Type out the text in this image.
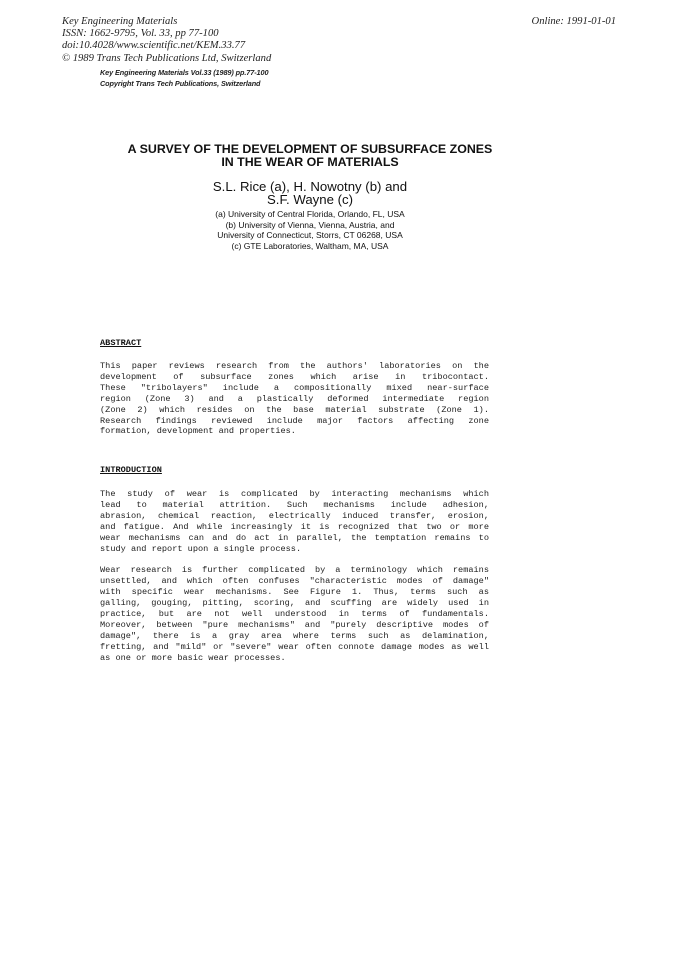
Key Engineering Materials
ISSN: 1662-9795, Vol. 33, pp 77-100
doi:10.4028/www.scientific.net/KEM.33.77
© 1989 Trans Tech Publications Ltd, Switzerland
Online: 1991-01-01
Key Engineering Materials Vol.33 (1989) pp.77-100
Copyright Trans Tech Publications, Switzerland
A SURVEY OF THE DEVELOPMENT OF SUBSURFACE ZONES
IN THE WEAR OF MATERIALS
S.L. Rice (a), H. Nowotny (b) and
S.F. Wayne (c)
(a) University of Central Florida, Orlando, FL, USA
(b) University of Vienna, Vienna, Austria, and
University of Connecticut, Storrs, CT 06268, USA
(c) GTE Laboratories, Waltham, MA, USA
ABSTRACT
This paper reviews research from the authors' laboratories on the
development of subsurface zones which arise in tribocontact.
These "tribolayers" include a compositionally mixed near-surface
region (Zone 3) and a plastically deformed intermediate region
(Zone 2) which resides on the base material substrate (Zone 1).
Research findings reviewed include major factors affecting zone
formation, development and properties.
INTRODUCTION
The study of wear is complicated by interacting mechanisms which
lead to material attrition. Such mechanisms include adhesion,
abrasion, chemical reaction, electrically induced transfer, erosion,
and fatigue. And while increasingly it is recognized that two or more
wear mechanisms can and do act in parallel, the temptation remains to
study and report upon a single process.
Wear research is further complicated by a terminology which remains
unsettled, and which often confuses "characteristic modes of damage"
with specific wear mechanisms. See Figure 1. Thus, terms such as
galling, gouging, pitting, scoring, and scuffing are widely used in
practice, but are not well understood in terms of fundamentals.
Moreover, between "pure mechanisms" and "purely descriptive modes of
damage", there is a gray area where terms such as delamination,
fretting, and "mild" or "severe" wear often connote damage modes as well
as one or more basic wear processes.
